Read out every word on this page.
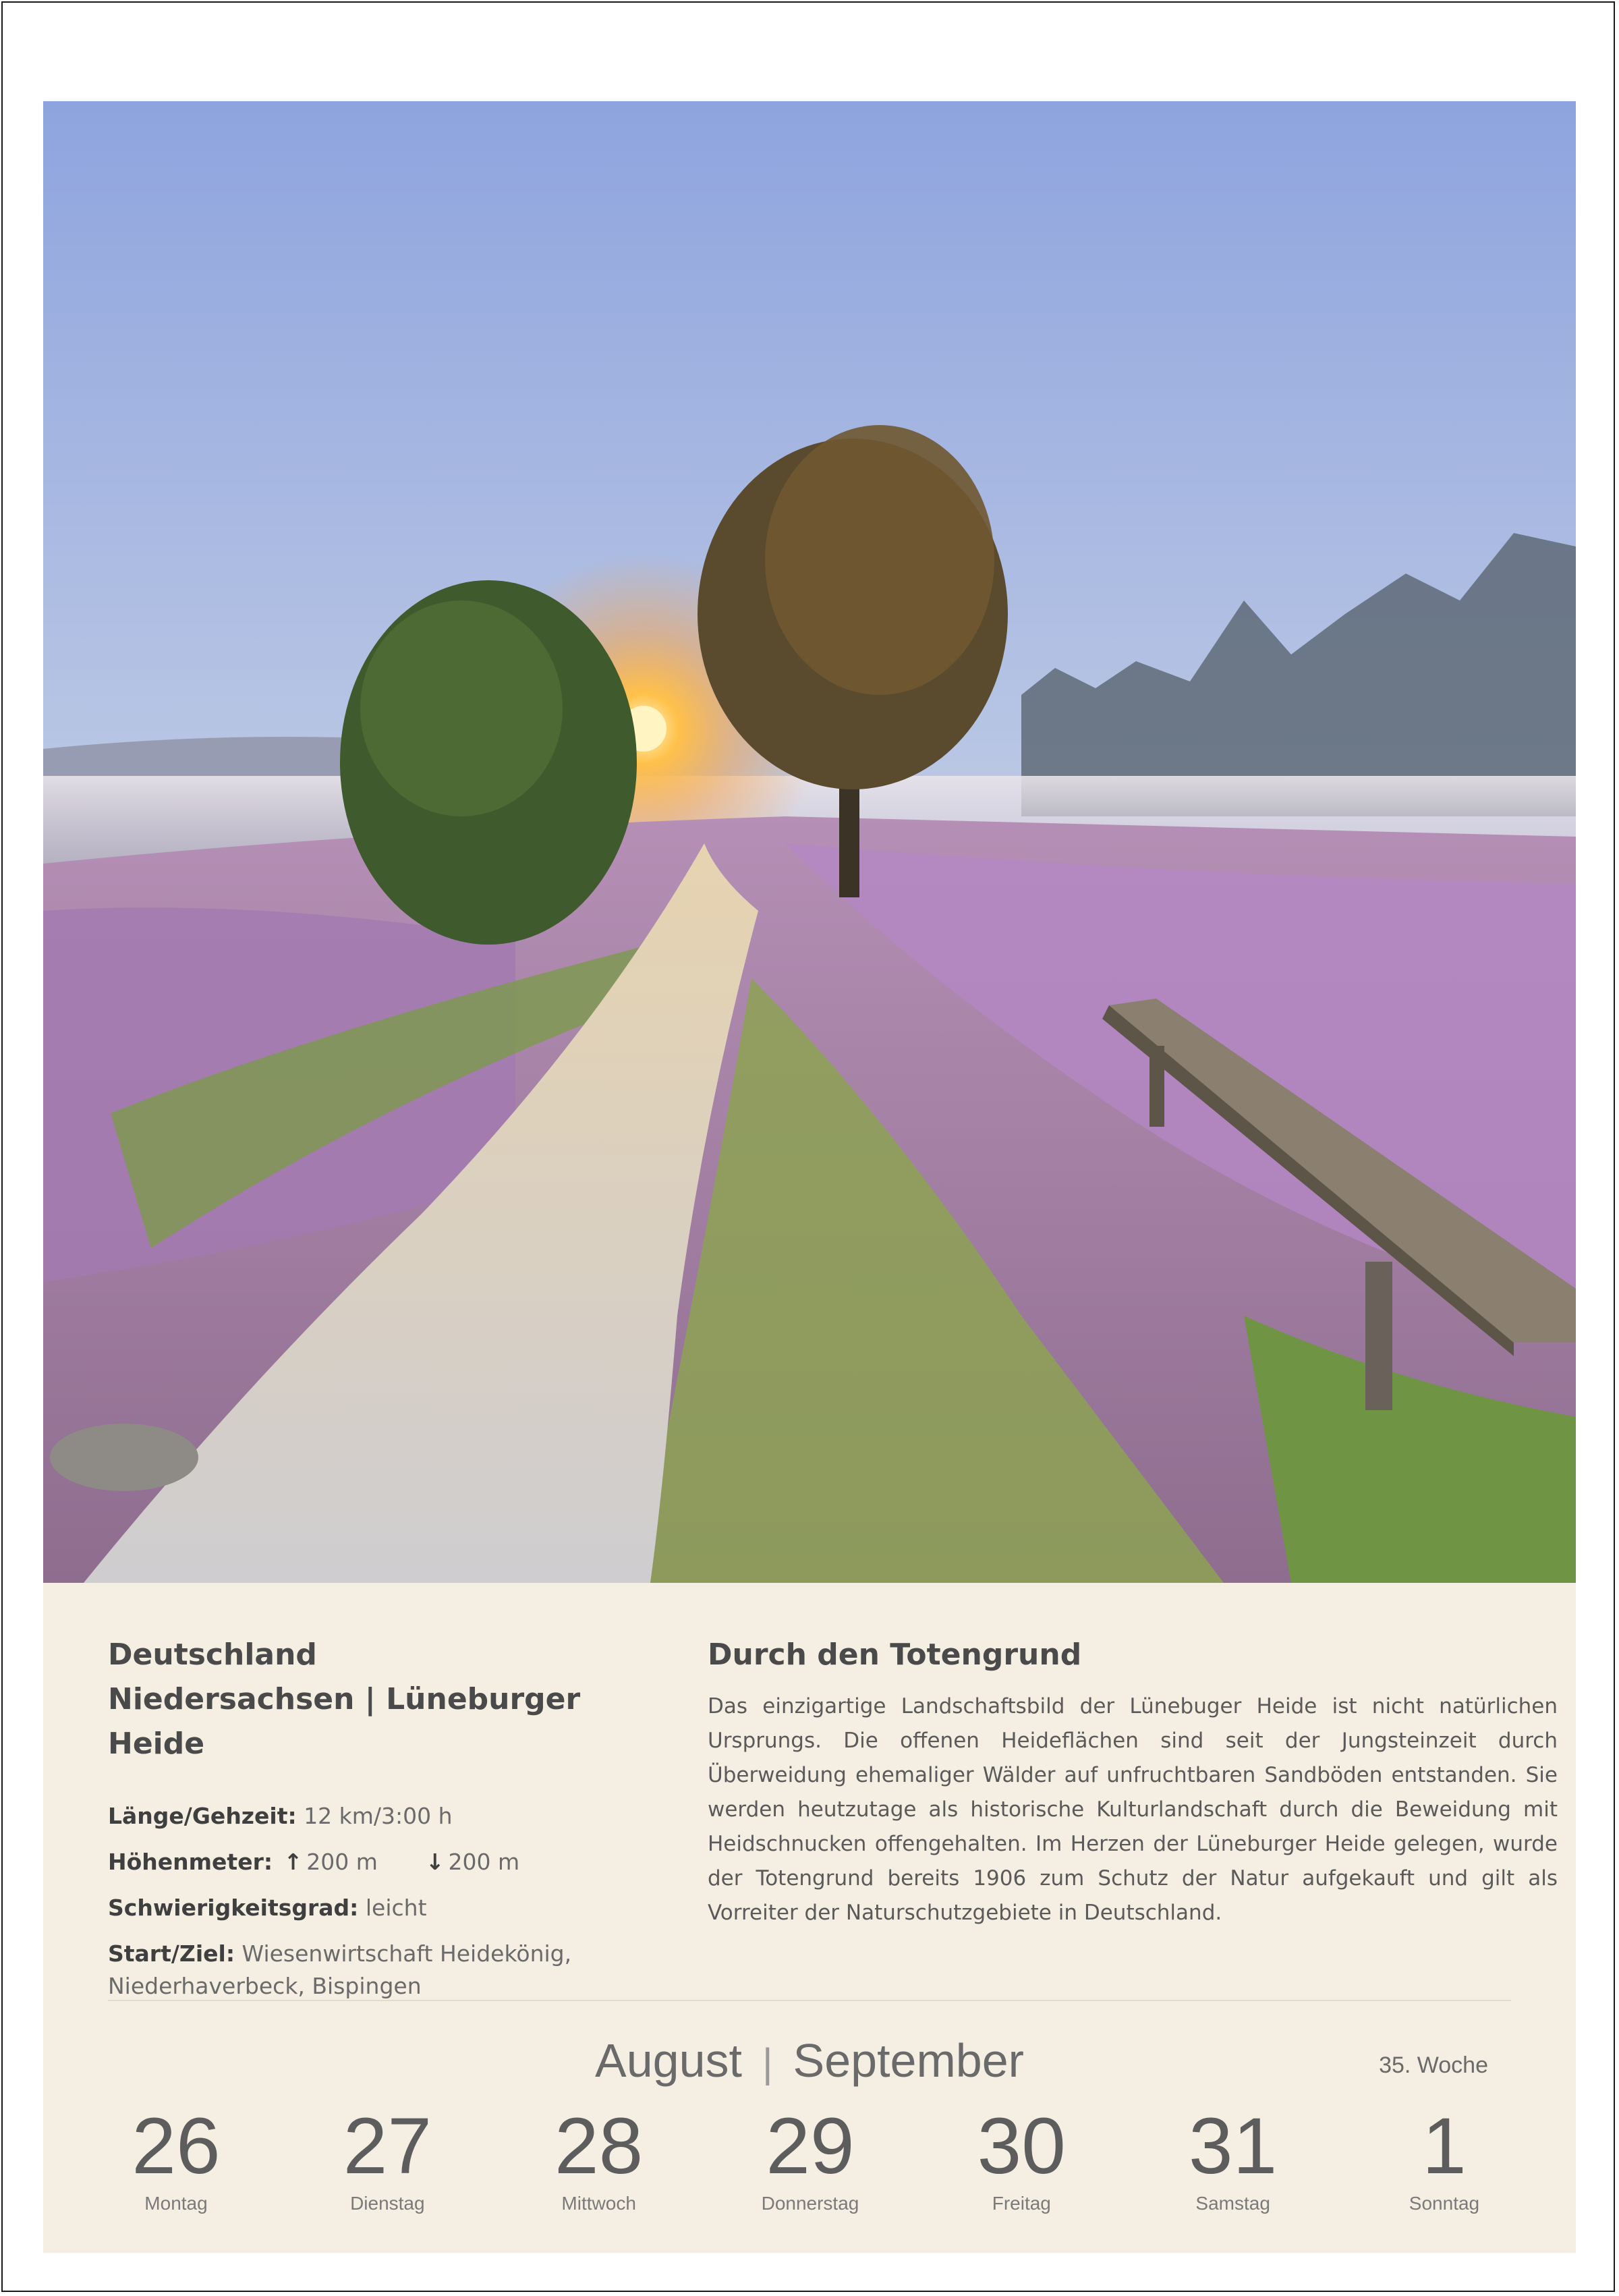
Deutschland
Niedersachsen | Lüneburger Heide
Länge/Gehzeit: 12 km/3:00 h
Höhenmeter: ↑ 200 m ↓ 200 m
Schwierigkeitsgrad: leicht
Start/Ziel: Wiesenwirtschaft Heidekönig, Niederhaverbeck, Bispingen
Durch den Totengrund
Das einzigartige Landschaftsbild der Lünebuger Heide ist nicht natürlichen Ursprungs. Die offenen Heideflächen sind seit der Jungsteinzeit durch Überweidung ehemaliger Wälder auf unfruchtbaren Sandböden entstanden. Sie werden heutzutage als historische Kulturlandschaft durch die Beweidung mit Heidschnucken offengehalten. Im Herzen der Lüneburger Heide gelegen, wurde der Totengrund bereits 1906 zum Schutz der Natur aufgekauft und gilt als Vorreiter der Naturschutzgebiete in Deutschland.
August | September	35. Woche
26
Montag
27
Dienstag
28
Mittwoch
29
Donnerstag
30
Freitag
31
Samstag
1
Sonntag
